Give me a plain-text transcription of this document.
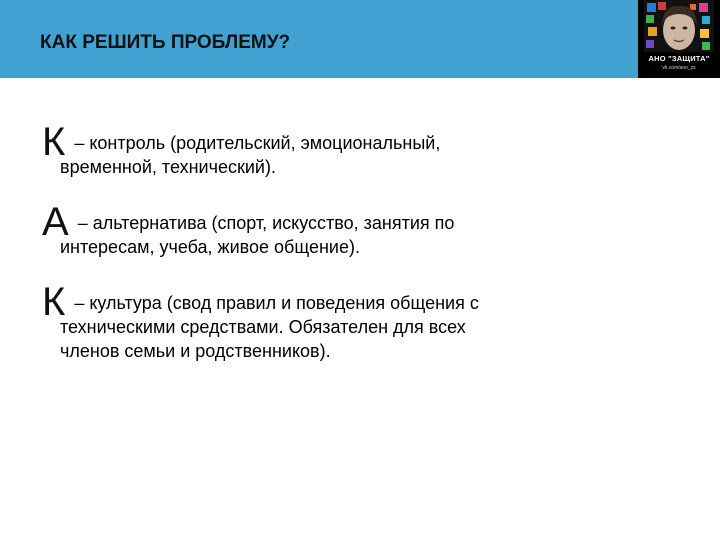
КАК РЕШИТЬ ПРОБЛЕМУ?
АНО "ЗАЩИТА"
vk.com/ano_zs
К – контроль (родительский, эмоциональный,
временной, технический).
А – альтернатива (спорт, искусство, занятия по
интересам, учеба, живое общение).
К – культура (свод правил и поведения общения с
техническими средствами. Обязателен для всех
членов семьи и родственников).
